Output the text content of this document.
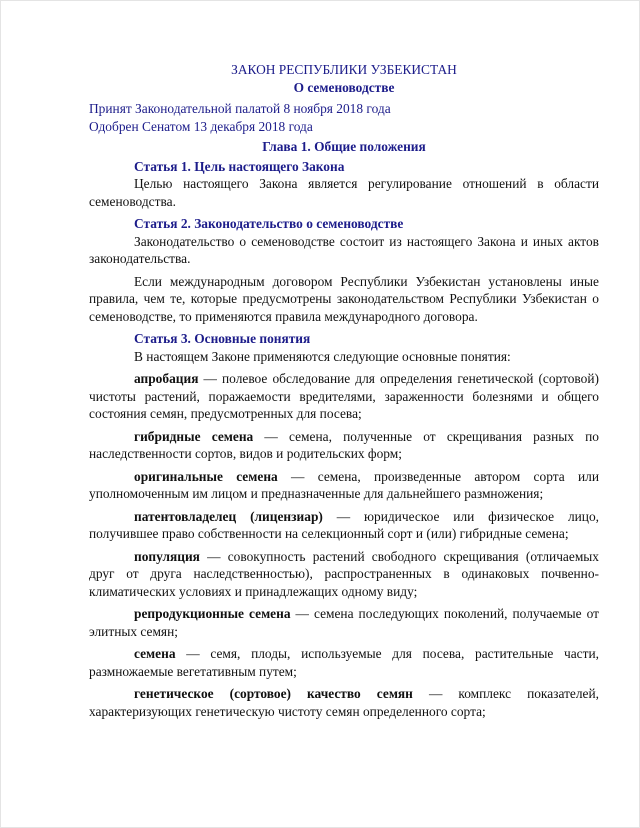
ЗАКОН РЕСПУБЛИКИ УЗБЕКИСТАН
О семеноводстве
Принят Законодательной палатой 8 ноября 2018 года
Одобрен Сенатом 13 декабря 2018 года
Глава 1. Общие положения
Статья 1. Цель настоящего Закона

Целью настоящего Закона является регулирование отношений в области семеноводства.

Статья 2. Законодательство о семеноводстве

Законодательство о семеноводстве состоит из настоящего Закона и иных актов законодательства.

Если международным договором Республики Узбекистан установлены иные правила, чем те, которые предусмотрены законодательством Республики Узбекистан о семеноводстве, то применяются правила международного договора.

Статья 3. Основные понятия

В настоящем Законе применяются следующие основные понятия:

апробация — полевое обследование для определения генетической (сортовой) чистоты растений, поражаемости вредителями, зараженности болезнями и общего состояния семян, предусмотренных для посева;

гибридные семена — семена, полученные от скрещивания разных по наследственности сортов, видов и родительских форм;

оригинальные семена — семена, произведенные автором сорта или уполномоченным им лицом и предназначенные для дальнейшего размножения;

патентовладелец (лицензиар) — юридическое или физическое лицо, получившее право собственности на селекционный сорт и (или) гибридные семена;

популяция — совокупность растений свободного скрещивания (отличаемых друг от друга наследственностью), распространенных в одинаковых почвенно-климатических условиях и принадлежащих одному виду;

репродукционные семена — семена последующих поколений, получаемые от элитных семян;

семена — семя, плоды, используемые для посева, растительные части, размножаемые вегетативным путем;

генетическое (сортовое) качество семян — комплекс показателей, характеризующих генетическую чистоту семян определенного сорта;
